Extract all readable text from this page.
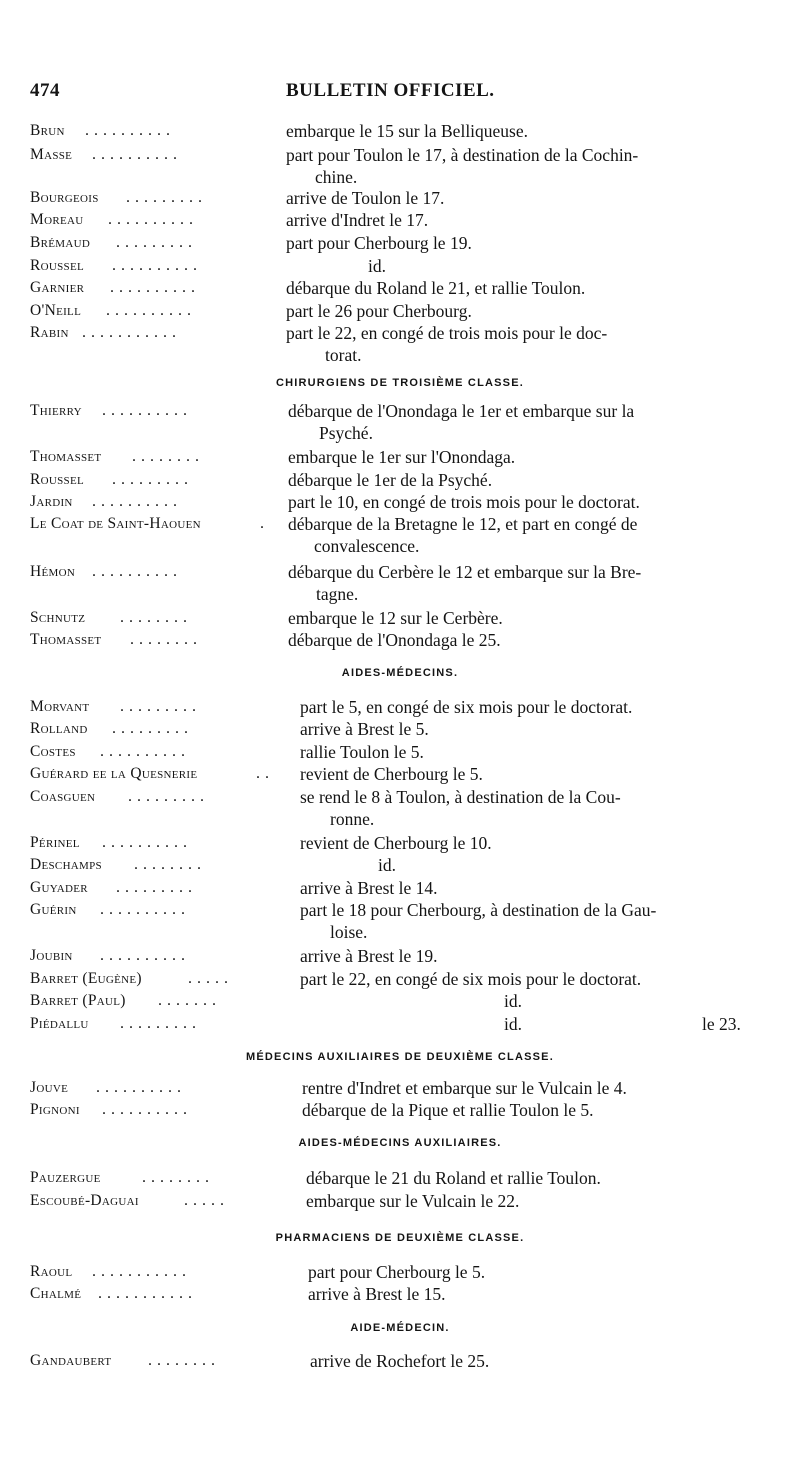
474	BULLETIN OFFICIEL.
Brun ..........	embarque le 15 sur la Belliqueuse.
Masse ..........	part pour Toulon le 17, à destination de la Cochin-
chine.
Bourgeois .........	arrive de Toulon le 17.
Moreau ..........	arrive d'Indret le 17.
Brémaud .........	part pour Cherbourg le 19.
Roussel ..........	id.
Garnier ..........	débarque du Roland le 21, et rallie Toulon.
O'Neill ..........	part le 26 pour Cherbourg.
Rabin ...........	part le 22, en congé de trois mois pour le doc-
torat.
CHIRURGIENS DE TROISIÈME CLASSE.
Thierry ..........	débarque de l'Onondaga le 1er et embarque sur la
Psyché.
Thomasset ........	embarque le 1er sur l'Onondaga.
Roussel .........	débarque le 1er de la Psyché.
Jardin ..........	part le 10, en congé de trois mois pour le doctorat.
Le Coat de Saint-Haouen	. débarque de la Bretagne le 12, et part en congé de
convalescence.
Hémon ..........	débarque du Cerbère le 12 et embarque sur la Bre-
tagne.
Schnutz ........	embarque le 12 sur le Cerbère.
Thomasset ........	débarque de l'Onondaga le 25.
AIDES-MÉDECINS.
Morvant .........	part le 5, en congé de six mois pour le doctorat.
Rolland .........	arrive à Brest le 5.
Costes ..........	rallie Toulon le 5.
Guérard ee la Quesnerie	.. revient de Cherbourg le 5.
Coasguen .........	se rend le 8 à Toulon, à destination de la Cou-
ronne.
Périnel ..........	revient de Cherbourg le 10.
Deschamps ........	id.
Guyader .........	arrive à Brest le 14.
Guérin ..........	part le 18 pour Cherbourg, à destination de la Gau-
loise.
Joubin ..........	arrive à Brest le 19.
Barret (Eugène)	.....	part le 22, en congé de six mois pour le doctorat.
Barret (Paul) .......	id.
Piédallu .........	id.	le 23.
MÉDECINS AUXILIAIRES DE DEUXIÈME CLASSE.
Jouve ..........	rentre d'Indret et embarque sur le Vulcain le 4.
Pignoni ..........	débarque de la Pique et rallie Toulon le 5.
AIDES-MÉDECINS AUXILIAIRES.
Pauzergue	........	débarque le 21 du Roland et rallie Toulon.
Escoubé-Daguai	.....	embarque sur le Vulcain le 22.
PHARMACIENS DE DEUXIÈME CLASSE.
Raoul ...........	part pour Cherbourg le 5.
Chalmé ...........	arrive à Brest le 15.
AIDE-MÉDECIN.
Gandaubert ........	arrive de Rochefort le 25.
